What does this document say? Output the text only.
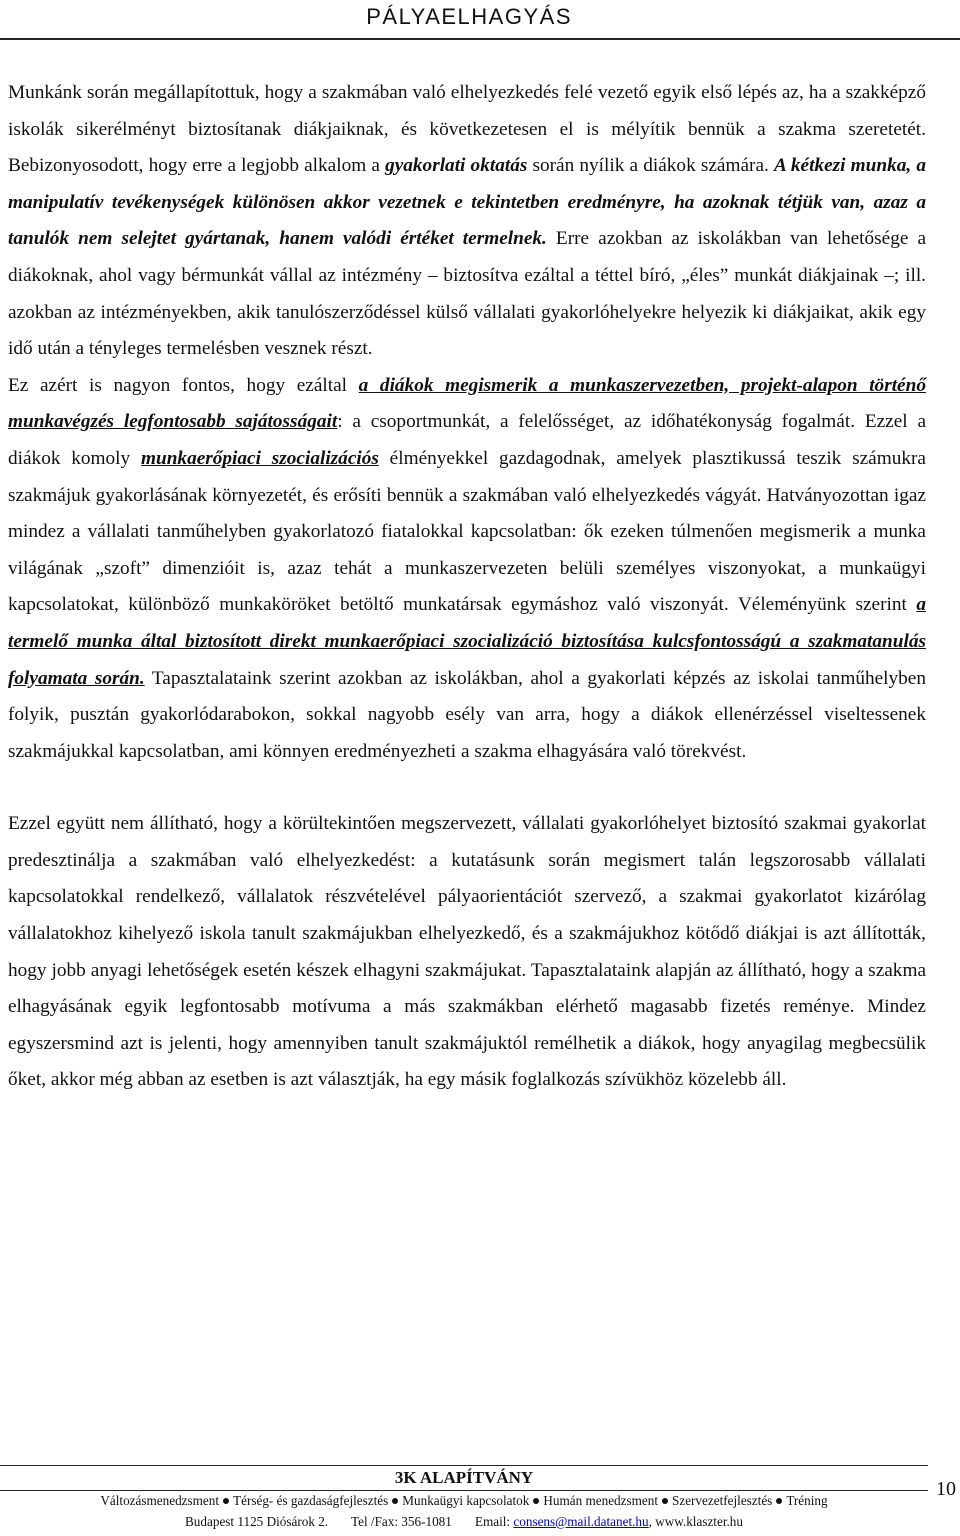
PÁLYAELHAGYÁS

Munkánk során megállapítottuk, hogy a szakmában való elhelyezkedés felé vezető egyik első lépés az, ha a szakképző iskolák sikerélményt biztosítanak diákjaiknak, és következetesen el is mélyítik bennük a szakma szeretetét. Bebizonyosodott, hogy erre a legjobb alkalom a gyakorlati oktatás során nyílik a diákok számára. A kétkezi munka, a manipulatív tevékenységek különösen akkor vezetnek e tekintetben eredményre, ha azoknak tétjük van, azaz a tanulók nem selejtet gyártanak, hanem valódi értéket termelnek. Erre azokban az iskolákban van lehetősége a diákoknak, ahol vagy bérmunkát vállal az intézmény – biztosítva ezáltal a téttel bíró, „éles” munkát diákjainak –; ill. azokban az intézményekben, akik tanulószerződéssel külső vállalati gyakorlóhelyekre helyezik ki diákjaikat, akik egy idő után a tényleges termelésben vesznek részt.

Ez azért is nagyon fontos, hogy ezáltal a diákok megismerik a munkaszervezetben, projekt-alapon történő munkavégzés legfontosabb sajátosságait: a csoportmunkát, a felelősséget, az időhatékonyság fogalmát. Ezzel a diákok komoly munkaerőpiaci szocializációs élményekkel gazdagodnak, amelyek plasztikussá teszik számukra szakmájuk gyakorlásának környezetét, és erősíti bennük a szakmában való elhelyezkedés vágyát. Hatványozottan igaz mindez a vállalati tanműhelyben gyakorlatozó fiatalokkal kapcsolatban: ők ezeken túlmenően megismerik a munka világának „szoft” dimenzióit is, azaz tehát a munkaszervezeten belüli személyes viszonyokat, a munkaügyi kapcsolatokat, különböző munkaköröket betöltő munkatársak egymáshoz való viszonyát. Véleményünk szerint a termelő munka által biztosított direkt munkaerőpiaci szocializáció biztosítása kulcsfontosságú a szakmatanulás folyamata során. Tapasztalataink szerint azokban az iskolákban, ahol a gyakorlati képzés az iskolai tanműhelyben folyik, pusztán gyakorlódarabokon, sokkal nagyobb esély van arra, hogy a diákok ellenérzéssel viseltessenek szakmájukkal kapcsolatban, ami könnyen eredményezheti a szakma elhagyására való törekvést.

Ezzel együtt nem állítható, hogy a körültekintően megszervezett, vállalati gyakorlóhelyet biztosító szakmai gyakorlat predesztinálja a szakmában való elhelyezkedést: a kutatásunk során megismert talán legszorosabb vállalati kapcsolatokkal rendelkező, vállalatok részvételével pályaorientációt szervező, a szakmai gyakorlatot kizárólag vállalatokhoz kihelyező iskola tanult szakmájukban elhelyezkedő, és a szakmájukhoz kötődő diákjai is azt állították, hogy jobb anyagi lehetőségek esetén készek elhagyni szakmájukat. Tapasztalataink alapján az állítható, hogy a szakma elhagyásának egyik legfontosabb motívuma a más szakmákban elérhető magasabb fizetés reménye. Mindez egyszersmind azt is jelenti, hogy amennyiben tanult szakmájuktól remélhetik a diákok, hogy anyagilag megbecsülik őket, akkor még abban az esetben is azt választják, ha egy másik foglalkozás szívükhöz közelebb áll.

3K ALAPÍTVÁNY
Változásmenedzsment Térség- és gazdaságfejlesztés Munkaügyi kapcsolatok Humán menedzsment Szervezetfejlesztés Tréning
Budapest 1125 Diósárok 2. Tel /Fax: 356-1081 Email: consens@mail.datanet.hu, www.klaszter.hu
10
